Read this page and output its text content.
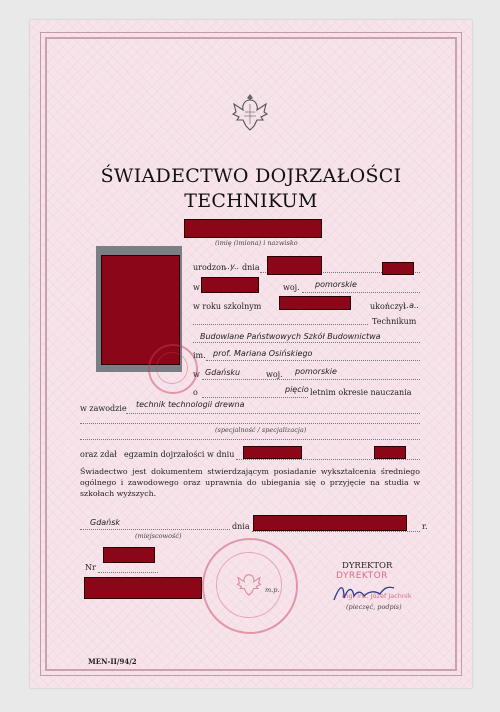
ŚWIADECTWO DOJRZAŁOŚCI
TECHNIKUM
(imię (imiona) i nazwisko
urodzon
..y.. dnia
w	woj. pomorskie
w roku szkolnym	ukończył
..a..
Technikum
Budowlane Państwowych Szkół Budownictwa
im. prof. Mariana Osińskiego
w Gdańsku	woj. pomorskie
o	pięcio letnim okresie nauczania
w zawodzie technik technologii drewna
(specjalność / specjalizacja)
oraz zdał egzamin dojrzałości w dniu
Świadectwo jest dokumentem stwierdzającym posiadanie wykształcenia średniego ogólnego i zawodowego oraz uprawnia do ubiegania się o przyjęcie na studia w szkołach wyższych.
Gdańsk
(miejscowość)
dnia	r.
Nr
m.p.
DYREKTOR
DYREKTOR
mgr inż. Józef Jachnik
(pieczęć, podpis)
MEN-II/94/2
